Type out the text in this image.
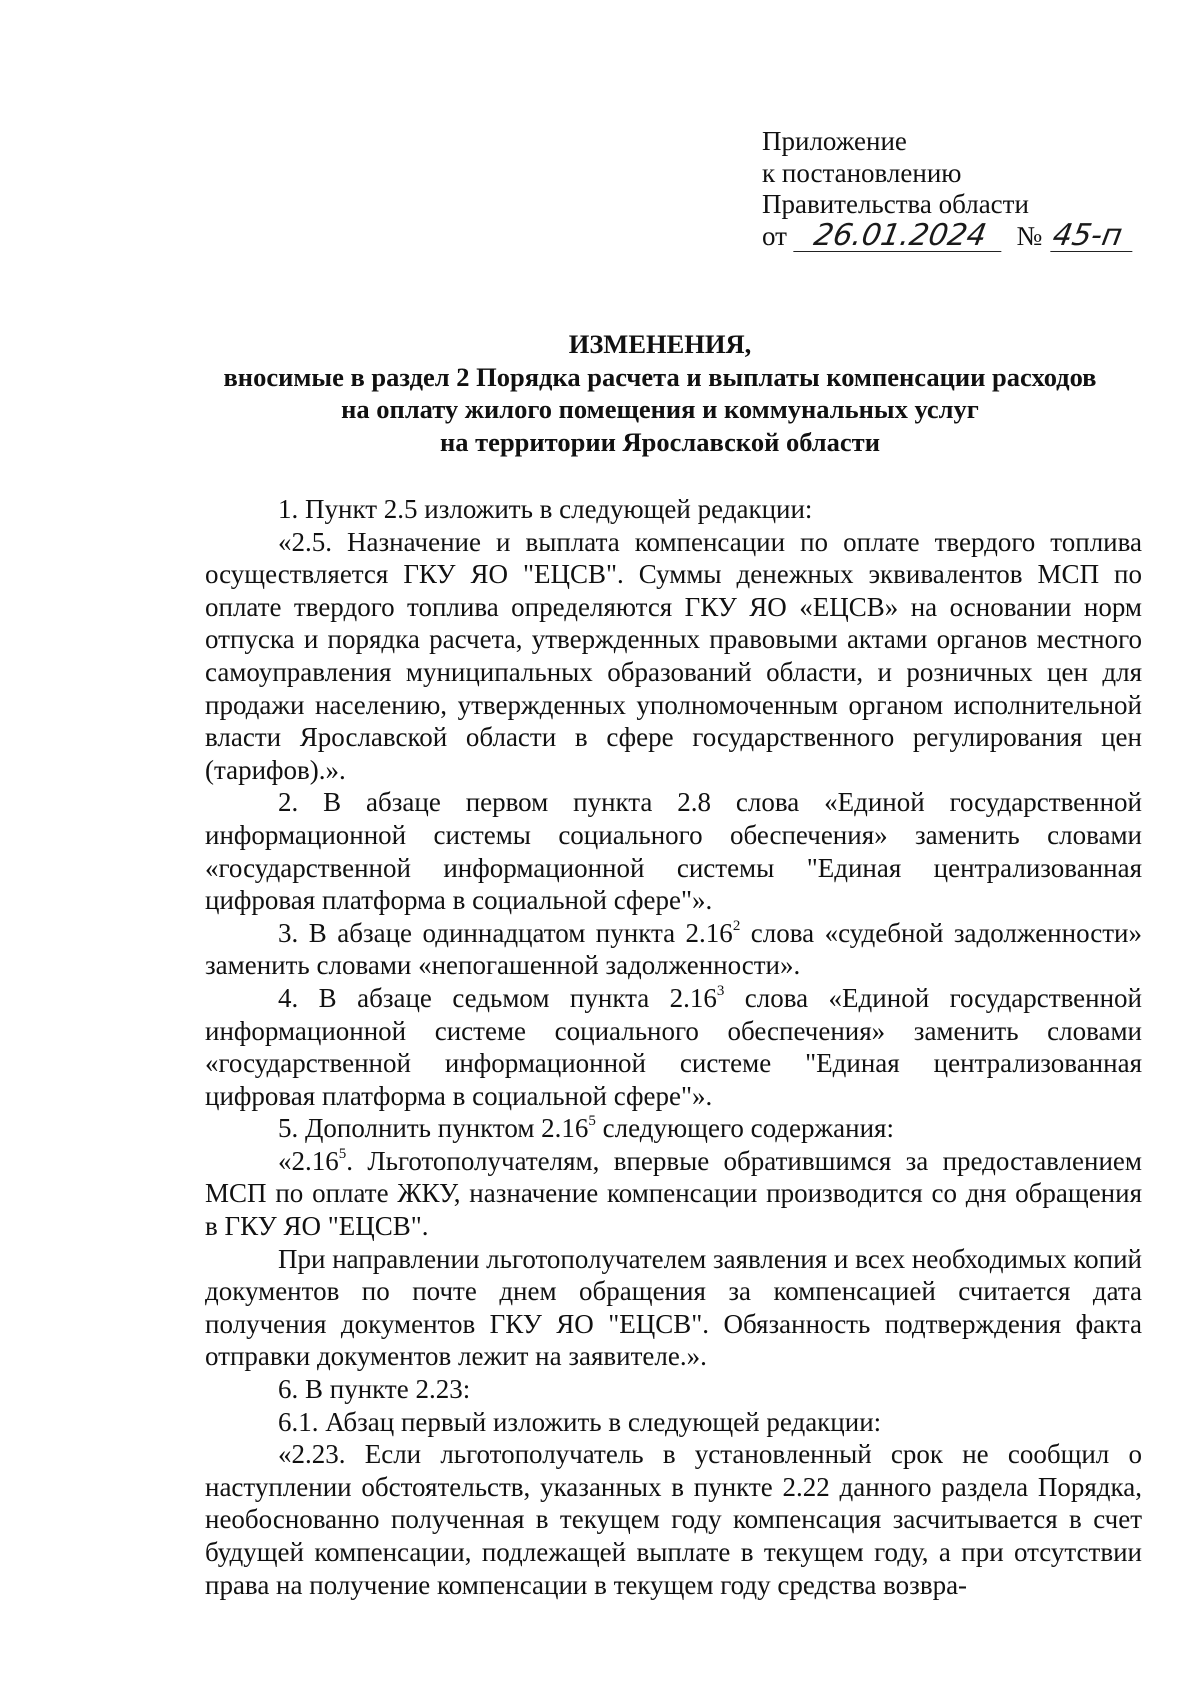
Приложение
к постановлению
Правительства области
от 26.01.2024 № 45-п
ИЗМЕНЕНИЯ,
вносимые в раздел 2 Порядка расчета и выплаты компенсации расходов
на оплату жилого помещения и коммунальных услуг
на территории Ярославской области

1. Пункт 2.5 изложить в следующей редакции:

«2.5. Назначение и выплата компенсации по оплате твердого топлива осуществляется ГКУ ЯО "ЕЦСВ". Суммы денежных эквивалентов МСП по оплате твердого топлива определяются ГКУ ЯО «ЕЦСВ» на основании норм отпуска и порядка расчета, утвержденных правовыми актами органов местного самоуправления муниципальных образований области, и розничных цен для продажи населению, утвержденных уполномоченным органом исполнительной власти Ярославской области в сфере государственного регулирования цен (тарифов).».

2. В абзаце первом пункта 2.8 слова «Единой государственной информационной системы социального обеспечения» заменить словами «государственной информационной системы "Единая централизованная цифровая платформа в социальной сфере"».

3. В абзаце одиннадцатом пункта 2.16$^2$ слова «судебной задолженности» заменить словами «непогашенной задолженности».

4. В абзаце седьмом пункта 2.16$^3$ слова «Единой государственной информационной системе социального обеспечения» заменить словами «государственной информационной системе "Единая централизованная цифровая платформа в социальной сфере"».

5. Дополнить пунктом 2.16$^5$ следующего содержания:

«2.16$^5$. Льготополучателям, впервые обратившимся за предоставлением МСП по оплате ЖКУ, назначение компенсации производится со дня обращения в ГКУ ЯО "ЕЦСВ".

При направлении льготополучателем заявления и всех необходимых копий документов по почте днем обращения за компенсацией считается дата получения документов ГКУ ЯО "ЕЦСВ". Обязанность подтверждения факта отправки документов лежит на заявителе.».

6. В пункте 2.23:

6.1. Абзац первый изложить в следующей редакции:

«2.23. Если льготополучатель в установленный срок не сообщил о наступлении обстоятельств, указанных в пункте 2.22 данного раздела Порядка, необоснованно полученная в текущем году компенсация засчитывается в счет будущей компенсации, подлежащей выплате в текущем году, а при отсутствии права на получение компенсации в текущем году средства возвра-
